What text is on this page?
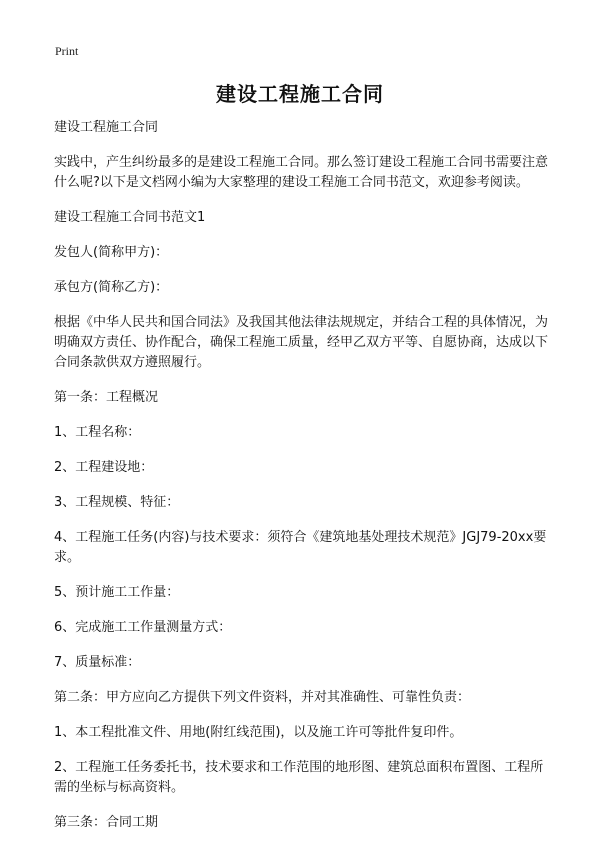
Print
建设工程施工合同

建设工程施工合同

实践中，产生纠纷最多的是建设工程施工合同。那么签订建设工程施工合同书需要注意什么呢?以下是文档网小编为大家整理的建设工程施工合同书范文，欢迎参考阅读。

建设工程施工合同书范文1

发包人(简称甲方)：

承包方(简称乙方)：

根据《中华人民共和国合同法》及我国其他法律法规规定，并结合工程的具体情况，为明确双方责任、协作配合，确保工程施工质量，经甲乙双方平等、自愿协商，达成以下合同条款供双方遵照履行。

第一条：工程概况

1、工程名称：

2、工程建设地：

3、工程规模、特征：

4、工程施工任务(内容)与技术要求：须符合《建筑地基处理技术规范》JGJ79-20xx要求。

5、预计施工工作量：

6、完成施工工作量测量方式：

7、质量标准：

第二条：甲方应向乙方提供下列文件资料，并对其准确性、可靠性负责：

1、本工程批准文件、用地(附红线范围)，以及施工许可等批件复印件。

2、工程施工任务委托书，技术要求和工作范围的地形图、建筑总面积布置图、工程所需的坐标与标高资料。

第三条：合同工期
